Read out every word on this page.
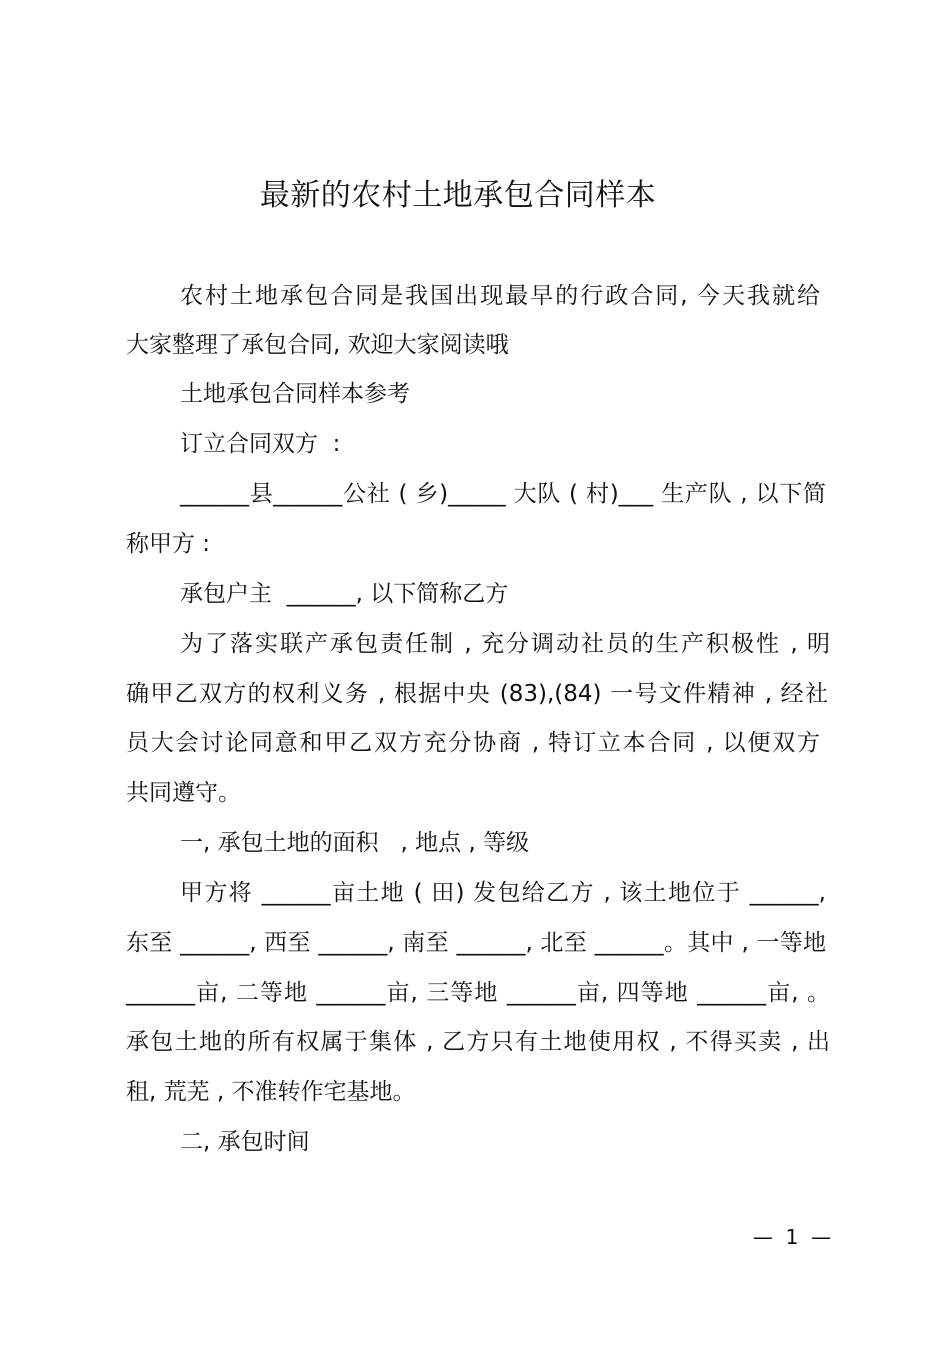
最新的农村土地承包合同样本

农村土地承包合同是我国出现最早的行政合同, 今天我就给

大家整理了承包合同, 欢迎大家阅读哦

土地承包合同样本参考

订立合同双方  :

______县______公社 ( 乡)_____ 大队 ( 村)___ 生产队 , 以下简

称甲方 :

承包户主  ______, 以下简称乙方

为了落实联产承包责任制 , 充分调动社员的生产积极性 , 明

确甲乙双方的权利义务 , 根据中央 (83),(84) 一号文件精神 , 经社

员大会讨论同意和甲乙双方充分协商 , 特订立本合同 , 以便双方

共同遵守。

一, 承包土地的面积   , 地点 , 等级

甲方将 ______亩土地 ( 田) 发包给乙方 , 该土地位于 ______,

东至 ______, 西至 ______, 南至 ______, 北至 ______。其中 , 一等地

______亩, 二等地 ______亩, 三等地 ______亩, 四等地 ______亩, 。

承包土地的所有权属于集体 , 乙方只有土地使用权 , 不得买卖 , 出

租, 荒芜 , 不准转作宅基地。

二, 承包时间

—  1  —
